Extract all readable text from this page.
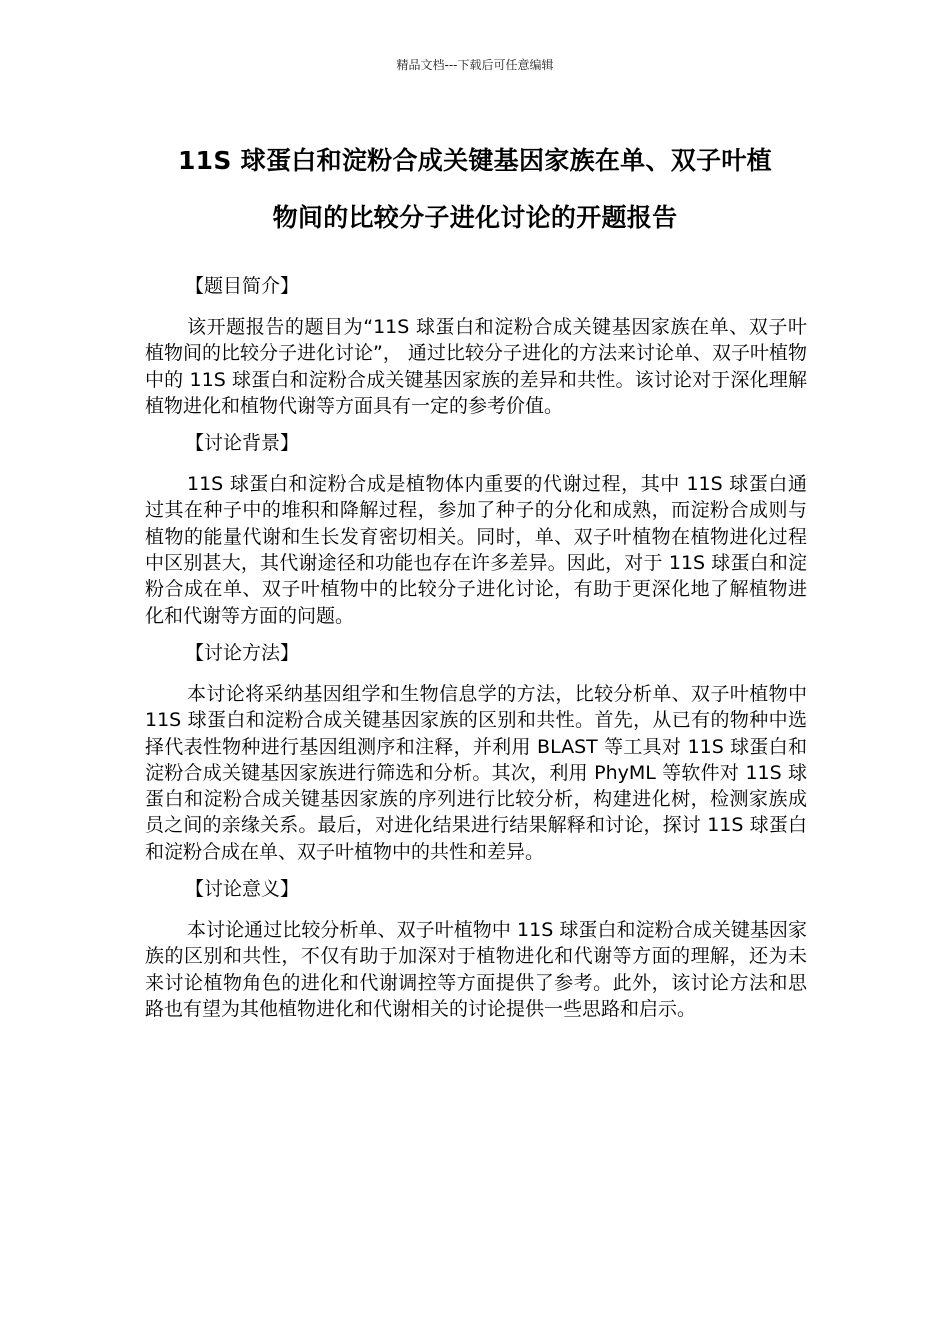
精品文档---下载后可任意编辑
11S 球蛋白和淀粉合成关键基因家族在单、双子叶植
物间的比较分子进化讨论的开题报告
【题目简介】

该开题报告的题目为“11S 球蛋白和淀粉合成关键基因家族在单、双子叶植物间的比较分子进化讨论”， 通过比较分子进化的方法来讨论单、双子叶植物中的 11S 球蛋白和淀粉合成关键基因家族的差异和共性。该讨论对于深化理解植物进化和植物代谢等方面具有一定的参考价值。

【讨论背景】

11S 球蛋白和淀粉合成是植物体内重要的代谢过程，其中 11S 球蛋白通过其在种子中的堆积和降解过程，参加了种子的分化和成熟，而淀粉合成则与植物的能量代谢和生长发育密切相关。同时，单、双子叶植物在植物进化过程中区别甚大，其代谢途径和功能也存在许多差异。因此，对于 11S 球蛋白和淀粉合成在单、双子叶植物中的比较分子进化讨论，有助于更深化地了解植物进化和代谢等方面的问题。

【讨论方法】

本讨论将采纳基因组学和生物信息学的方法，比较分析单、双子叶植物中 11S 球蛋白和淀粉合成关键基因家族的区别和共性。首先，从已有的物种中选择代表性物种进行基因组测序和注释，并利用 BLAST 等工具对 11S 球蛋白和淀粉合成关键基因家族进行筛选和分析。其次，利用 PhyML 等软件对 11S 球蛋白和淀粉合成关键基因家族的序列进行比较分析，构建进化树，检测家族成员之间的亲缘关系。最后，对进化结果进行结果解释和讨论，探讨 11S 球蛋白和淀粉合成在单、双子叶植物中的共性和差异。

【讨论意义】

本讨论通过比较分析单、双子叶植物中 11S 球蛋白和淀粉合成关键基因家族的区别和共性，不仅有助于加深对于植物进化和代谢等方面的理解，还为未来讨论植物角色的进化和代谢调控等方面提供了参考。此外，该讨论方法和思路也有望为其他植物进化和代谢相关的讨论提供一些思路和启示。
